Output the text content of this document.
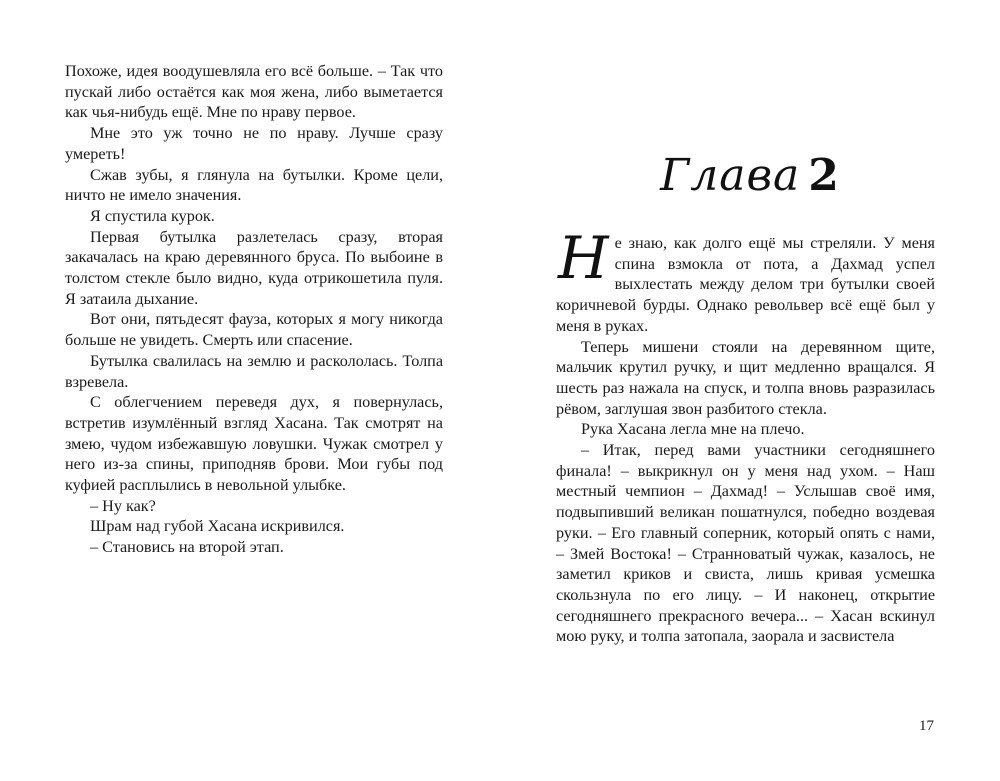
Похоже, идея воодушевляла его всё больше. – Так что пускай либо остаётся как моя жена, либо выметается как чья-нибудь ещё. Мне по нраву первое.

Мне это уж точно не по нраву. Лучше сразу умереть!

Сжав зубы, я глянула на бутылки. Кроме цели, ничто не имело значения.

Я спустила курок.

Первая бутылка разлетелась сразу, вторая закачалась на краю деревянного бруса. По выбоине в толстом стекле было видно, куда отрикошетила пуля. Я затаила дыхание.

Вот они, пятьдесят фауза, которых я могу никогда больше не увидеть. Смерть или спасение.

Бутылка свалилась на землю и раскололась. Толпа взревела.

С облегчением переведя дух, я повернулась, встретив изумлённый взгляд Хасана. Так смотрят на змею, чудом избежавшую ловушки. Чужак смотрел у него из-за спины, приподняв брови. Мои губы под куфией расплылись в невольной улыбке.

– Ну как?

Шрам над губой Хасана искривился.

– Становись на второй этап.

Глава 2

Не знаю, как долго ещё мы стреляли. У меня спина взмокла от пота, а Дахмад успел выхлестать между делом три бутылки своей коричневой бурды. Однако револьвер всё ещё был у меня в руках.

Теперь мишени стояли на деревянном щите, мальчик крутил ручку, и щит медленно вращался. Я шесть раз нажала на спуск, и толпа вновь разразилась рёвом, заглушая звон разбитого стекла.

Рука Хасана легла мне на плечо.

– Итак, перед вами участники сегодняшнего финала! – выкрикнул он у меня над ухом. – Наш местный чемпион – Дахмад! – Услышав своё имя, подвыпивший великан пошатнулся, победно воздевая руки. – Его главный соперник, который опять с нами, – Змей Востока! – Странноватый чужак, казалось, не заметил криков и свиста, лишь кривая усмешка скользнула по его лицу. – И наконец, открытие сегодняшнего прекрасного вечера... – Хасан вскинул мою руку, и толпа затопала, заорала и засвистела

17
